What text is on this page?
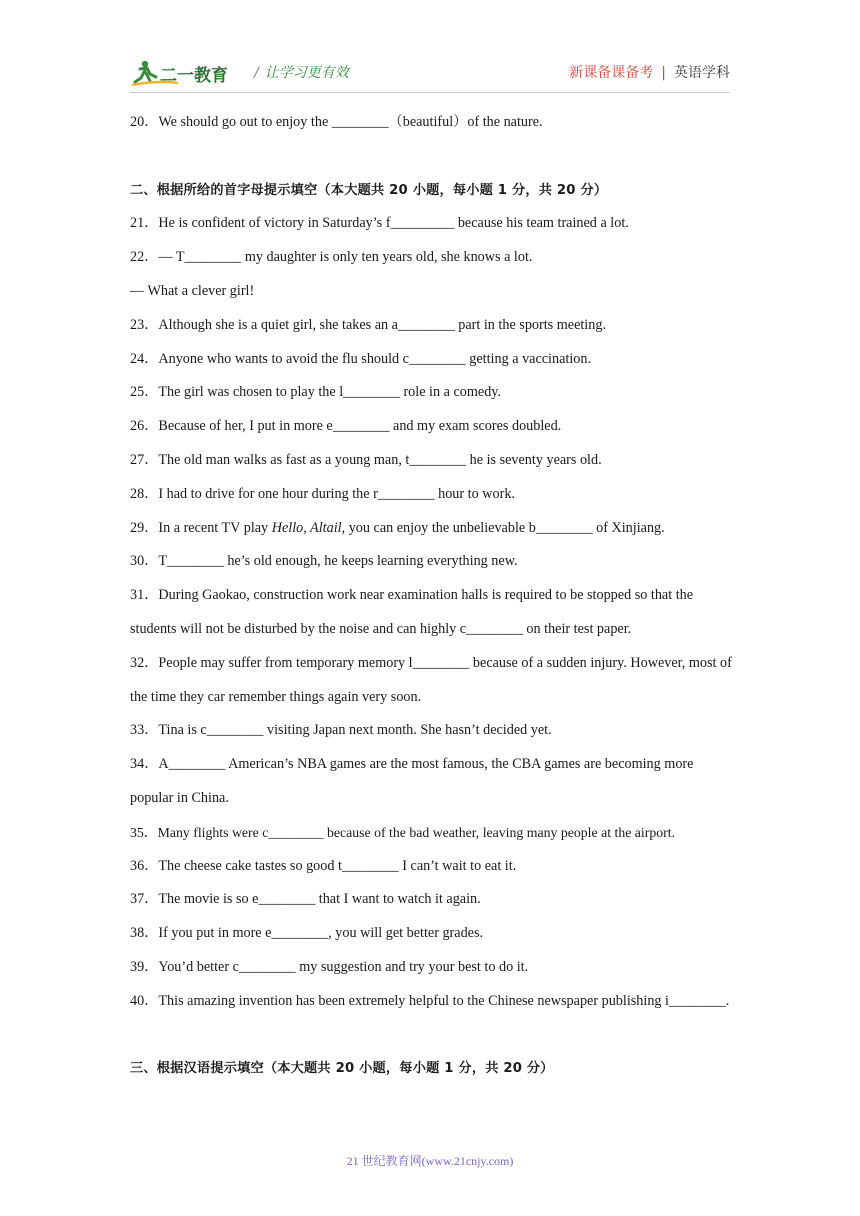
二一教育 / 让学习更有效	新课备课备考 | 英语学科
20．We should go out to enjoy the ________（beautiful）of the nature.
二、根据所给的首字母提示填空（本大题共 20 小题，每小题 1 分，共 20 分）
21．He is confident of victory in Saturday’s f_________ because his team trained a lot.
22．— T________ my daughter is only ten years old, she knows a lot.
— What a clever girl!
23．Although she is a quiet girl, she takes an a________ part in the sports meeting.
24．Anyone who wants to avoid the flu should c________ getting a vaccination.
25．The girl was chosen to play the l________ role in a comedy.
26．Because of her, I put in more e________ and my exam scores doubled.
27．The old man walks as fast as a young man, t________ he is seventy years old.
28．I had to drive for one hour during the r________ hour to work.
29．In a recent TV play Hello, Altail, you can enjoy the unbelievable b________ of Xinjiang.
30．T________ he’s old enough, he keeps learning everything new.
31．During Gaokao, construction work near examination halls is required to be stopped so that the students will not be disturbed by the noise and can highly c________ on their test paper.
32．People may suffer from temporary memory l________ because of a sudden injury. However, most of the time they car remember things again very soon.
33．Tina is c________ visiting Japan next month. She hasn’t decided yet.
34．A________ American’s NBA games are the most famous, the CBA games are becoming more popular in China.
35．Many flights were c________ because of the bad weather, leaving many people at the airport.
36．The cheese cake tastes so good t________ I can’t wait to eat it.
37．The movie is so e________ that I want to watch it again.
38．If you put in more e________, you will get better grades.
39．You’d better c________ my suggestion and try your best to do it.
40．This amazing invention has been extremely helpful to the Chinese newspaper publishing i________.
三、根据汉语提示填空（本大题共 20 小题，每小题 1 分，共 20 分）
21 世纪教育网(www.21cnjy.com)
